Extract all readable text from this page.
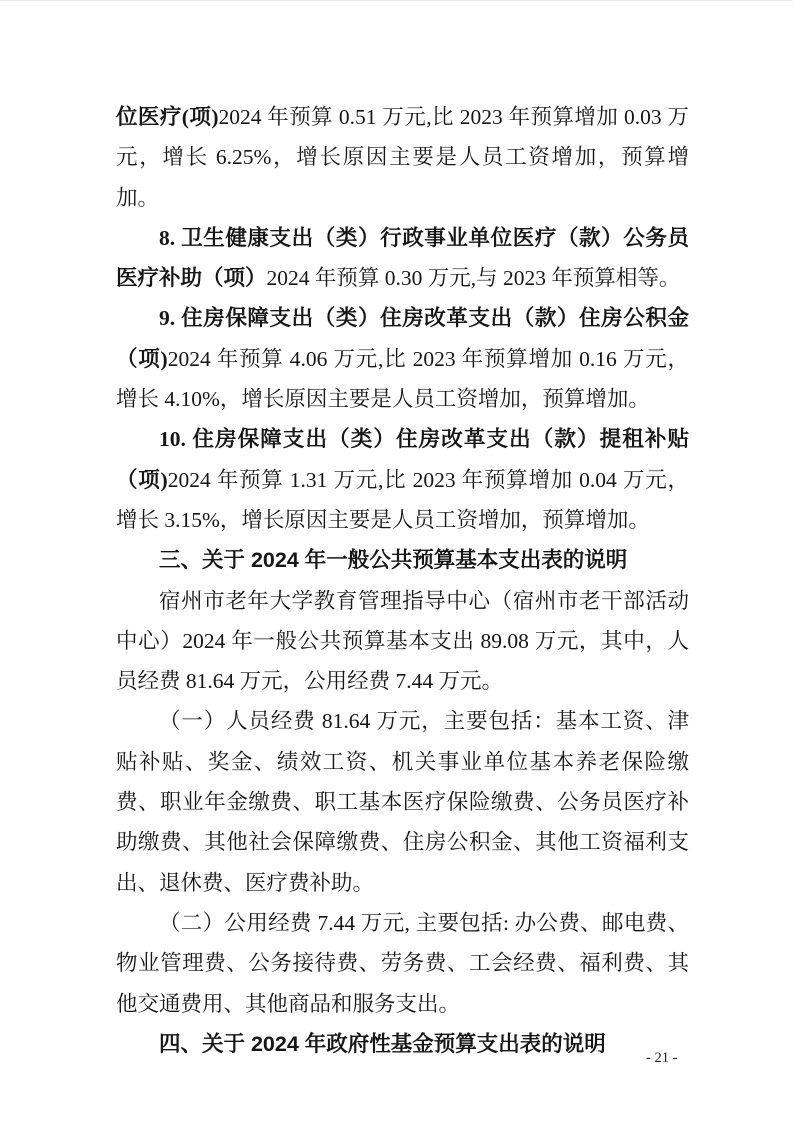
位医疗(项)2024 年预算 0.51 万元,比 2023 年预算增加 0.03 万元，增长 6.25%，增长原因主要是人员工资增加，预算增加。

8. 卫生健康支出（类）行政事业单位医疗（款）公务员医疗补助（项）2024 年预算 0.30 万元,与 2023 年预算相等。

9. 住房保障支出（类）住房改革支出（款）住房公积金（项)2024 年预算 4.06 万元,比 2023 年预算增加 0.16 万元，增长 4.10%，增长原因主要是人员工资增加，预算增加。

10. 住房保障支出（类）住房改革支出（款）提租补贴（项)2024 年预算 1.31 万元,比 2023 年预算增加 0.04 万元，增长 3.15%，增长原因主要是人员工资增加，预算增加。

三、关于 2024 年一般公共预算基本支出表的说明

宿州市老年大学教育管理指导中心（宿州市老干部活动中心）2024 年一般公共预算基本支出 89.08 万元，其中，人员经费 81.64 万元，公用经费 7.44 万元。

（一）人员经费 81.64 万元，主要包括：基本工资、津贴补贴、奖金、绩效工资、机关事业单位基本养老保险缴费、职业年金缴费、职工基本医疗保险缴费、公务员医疗补助缴费、其他社会保障缴费、住房公积金、其他工资福利支出、退休费、医疗费补助。

（二）公用经费 7.44 万元, 主要包括: 办公费、邮电费、物业管理费、公务接待费、劳务费、工会经费、福利费、其他交通费用、其他商品和服务支出。

四、关于 2024 年政府性基金预算支出表的说明
- 21 -
